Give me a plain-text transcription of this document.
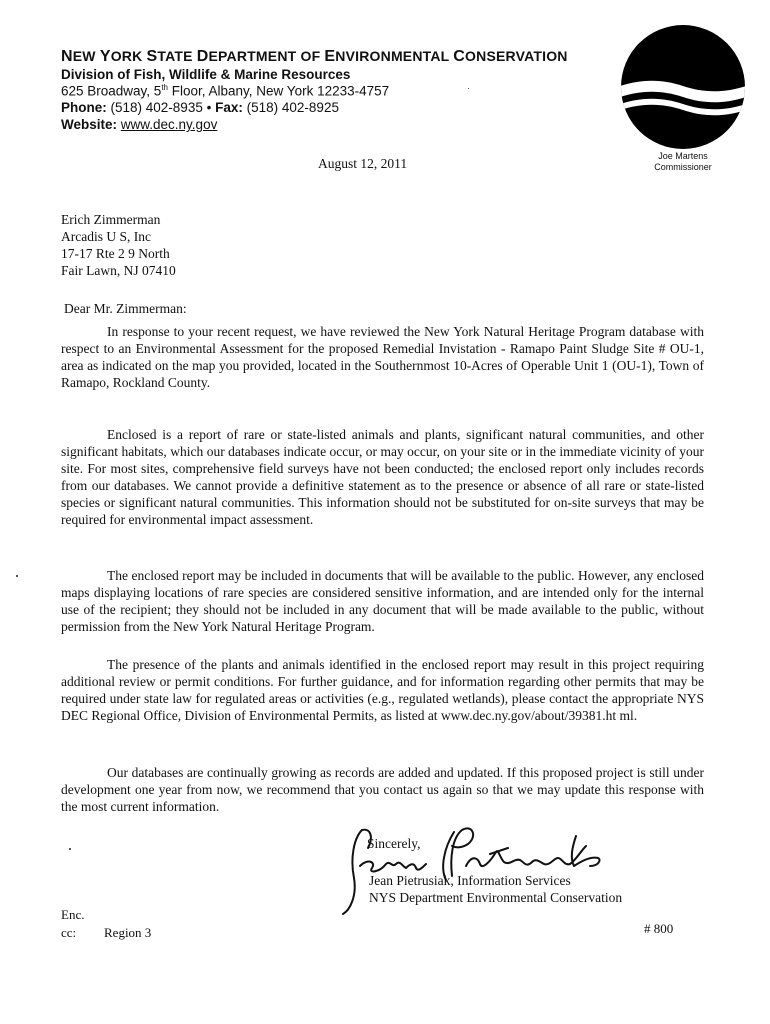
NEW YORK STATE DEPARTMENT OF ENVIRONMENTAL CONSERVATION
Division of Fish, Wildlife & Marine Resources
625 Broadway, 5th Floor, Albany, New York 12233-4757
Phone: (518) 402-8935 • Fax: (518) 402-8925
Website: www.dec.ny.gov
Joe Martens
Commissioner
August 12, 2011
Erich Zimmerman
Arcadis U S, Inc
17-17 Rte 2 9 North
Fair Lawn, NJ 07410
Dear Mr. Zimmerman:
In response to your recent request, we have reviewed the New York Natural Heritage Program database with respect to an Environmental Assessment for the proposed Remedial Invistation - Ramapo Paint Sludge Site # OU-1, area as indicated on the map you provided, located in the Southernmost 10-Acres of Operable Unit 1 (OU-1), Town of Ramapo, Rockland County.
Enclosed is a report of rare or state-listed animals and plants, significant natural communities, and other significant habitats, which our databases indicate occur, or may occur, on your site or in the immediate vicinity of your site. For most sites, comprehensive field surveys have not been conducted; the enclosed report only includes records from our databases. We cannot provide a definitive statement as to the presence or absence of all rare or state-listed species or significant natural communities. This information should not be substituted for on-site surveys that may be required for environmental impact assessment.
The enclosed report may be included in documents that will be available to the public. However, any enclosed maps displaying locations of rare species are considered sensitive information, and are intended only for the internal use of the recipient; they should not be included in any document that will be made available to the public, without permission from the New York Natural Heritage Program.
The presence of the plants and animals identified in the enclosed report may result in this project requiring additional review or permit conditions. For further guidance, and for information regarding other permits that may be required under state law for regulated areas or activities (e.g., regulated wetlands), please contact the appropriate NYS DEC Regional Office, Division of Environmental Permits, as listed at www.dec.ny.gov/about/39381.ht ml.
Our databases are continually growing as records are added and updated. If this proposed project is still under development one year from now, we recommend that you contact us again so that we may update this response with the most current information.
Sincerely,
Jean Pietrusiak, Information Services
NYS Department Environmental Conservation
Enc.
cc: Region 3	# 800
